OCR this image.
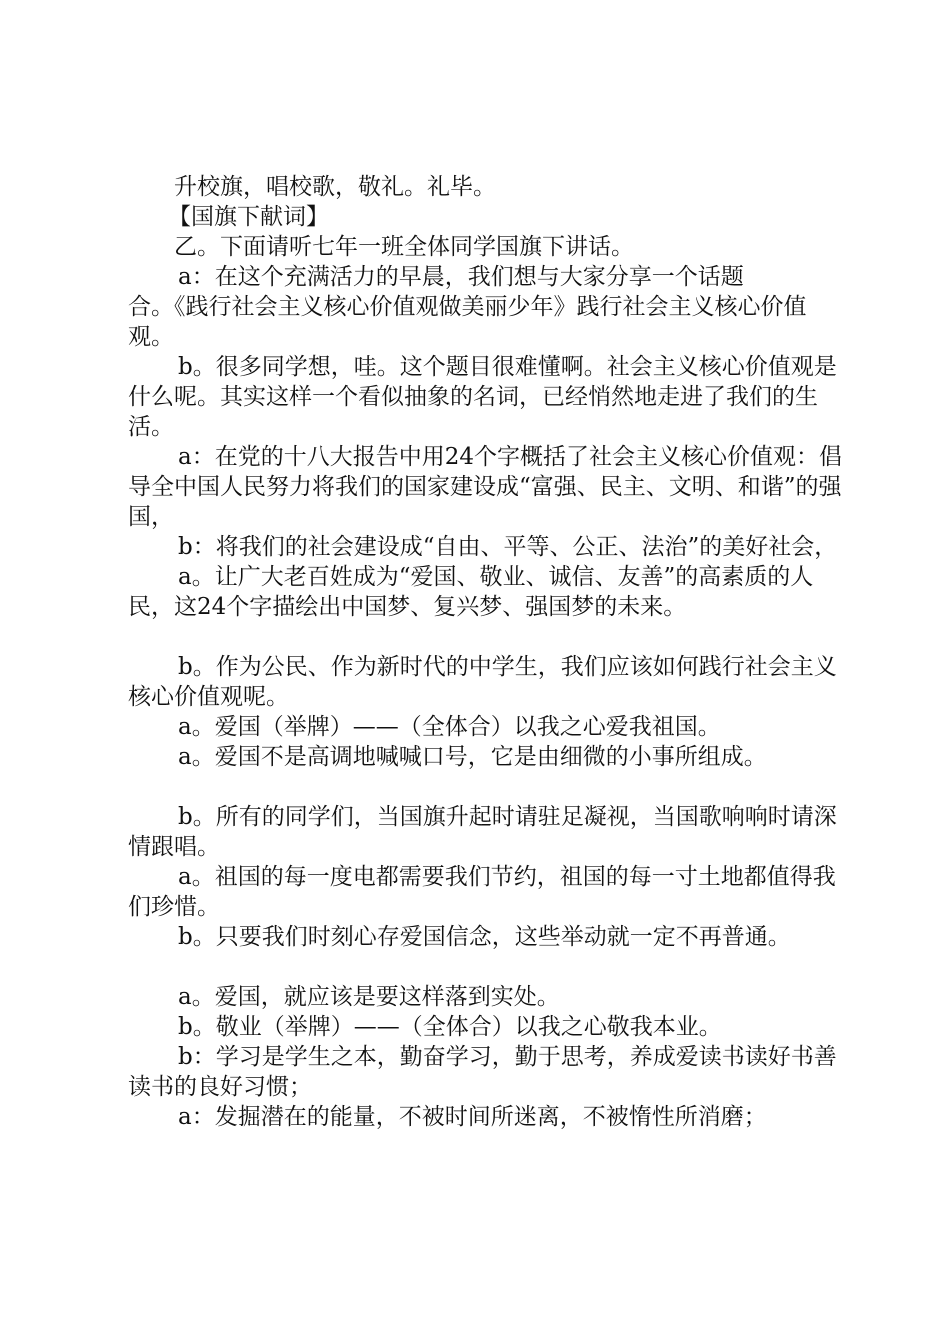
升校旗，唱校歌，敬礼。礼毕。

【国旗下献词】

乙。下面请听七年一班全体同学国旗下讲话。

a：在这个充满活力的早晨，我们想与大家分享一个话题

合。《践行社会主义核心价值观做美丽少年》践行社会主义核心价值观。

b。很多同学想，哇。这个题目很难懂啊。社会主义核心价值观是什么呢。其实这样一个看似抽象的名词，已经悄然地走进了我们的生活。

a：在党的十八大报告中用24个字概括了社会主义核心价值观：倡导全中国人民努力将我们的国家建设成“富强、民主、文明、和谐”的强国，

b：将我们的社会建设成“自由、平等、公正、法治”的美好社会，

a。让广大老百姓成为“爱国、敬业、诚信、友善”的高素质的人民，这24个字描绘出中国梦、复兴梦、强国梦的未来。

b。作为公民、作为新时代的中学生，我们应该如何践行社会主义核心价值观呢。

a。爱国（举牌）——（全体合）以我之心爱我祖国。

a。爱国不是高调地喊喊口号，它是由细微的小事所组成。

b。所有的同学们，当国旗升起时请驻足凝视，当国歌响响时请深情跟唱。

a。祖国的每一度电都需要我们节约，祖国的每一寸土地都值得我们珍惜。

b。只要我们时刻心存爱国信念，这些举动就一定不再普通。

a。爱国，就应该是要这样落到实处。

b。敬业（举牌）——（全体合）以我之心敬我本业。

b：学习是学生之本，勤奋学习，勤于思考，养成爱读书读好书善读书的良好习惯；

a：发掘潜在的能量，不被时间所迷离，不被惰性所消磨；
